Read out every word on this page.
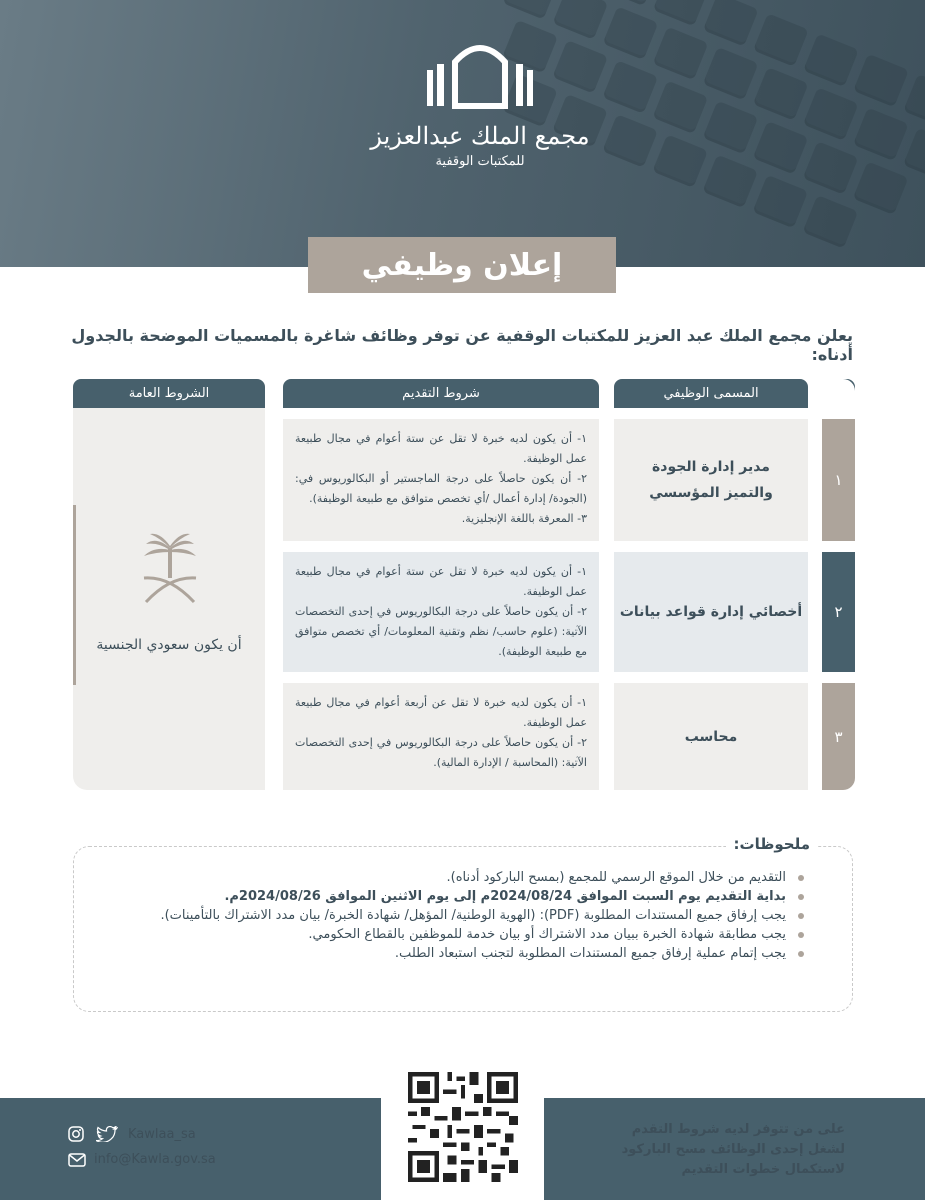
مجمع الملك عبدالعزيز
للمكتبات الوقفية
إعلان وظيفي
يعلن مجمع الملك عبد العزيز للمكتبات الوقفية عن توفر وظائف شاغرة بالمسميات الموضحة بالجدول أدناه:
الشروط العامة	شروط التقديم	المسمى الوظيفي
أن يكون سعودي الجنسية
١
٢
٣
مدير إدارة الجودة والتميز المؤسسي

١- أن يكون لديه خبرة لا تقل عن ستة أعوام في مجال طبيعة عمل الوظيفة.

٢- أن يكون حاصلاً على درجة الماجستير أو البكالوريوس في: (الجودة/ إدارة أعمال /أي تخصص متوافق مع طبيعة الوظيفة).

٣- المعرفة باللغة الإنجليزية.

أخصائي إدارة قواعد بيانات

١- أن يكون لديه خبرة لا تقل عن ستة أعوام في مجال طبيعة عمل الوظيفة.

٢- أن يكون حاصلاً على درجة البكالوريوس في إحدى التخصصات الآتية: (علوم حاسب/ نظم وتقنية المعلومات/ أي تخصص متوافق مع طبيعة الوظيفة).

محاسب

١- أن يكون لديه خبرة لا تقل عن أربعة أعوام في مجال طبيعة عمل الوظيفة.

٢- أن يكون حاصلاً على درجة البكالوريوس في إحدى التخصصات الآتية: (المحاسبة / الإدارة المالية).

ملحوظات:
التقديم من خلال الموقع الرسمي للمجمع (بمسح الباركود أدناه).
بداية التقديم يوم السبت الموافق 2024/08/24م إلى يوم الاثنين الموافق 2024/08/26م.
يجب إرفاق جميع المستندات المطلوبة (PDF): (الهوية الوطنية/ المؤهل/ شهادة الخبرة/ بيان مدد الاشتراك بالتأمينات).
يجب مطابقة شهادة الخبرة ببيان مدد الاشتراك أو بيان خدمة للموظفين بالقطاع الحكومي.
يجب إتمام عملية إرفاق جميع المستندات المطلوبة لتجنب استبعاد الطلب.
على من تتوفر لديه شروط التقدم
لشغل إحدى الوظائف مسح الباركود
لاستكمال خطوات التقديم
Kawlaa_sa
info@Kawla.gov.sa
